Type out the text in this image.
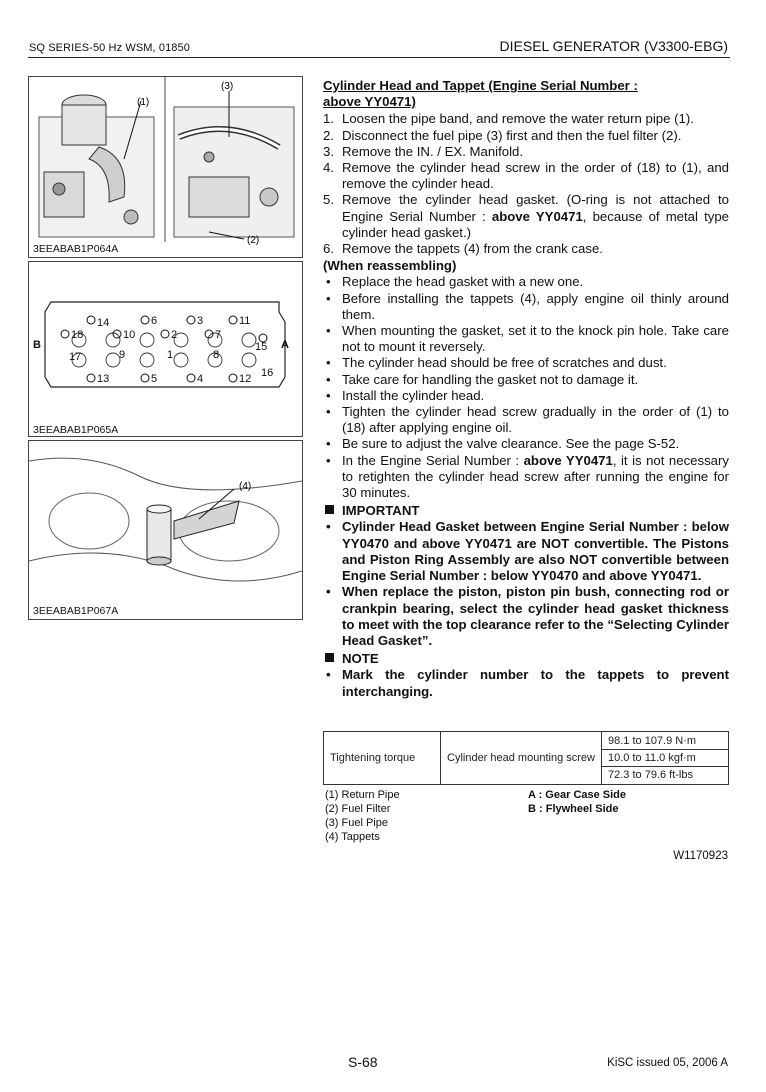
SQ SERIES-50 Hz WSM, 01850	DIESEL GENERATOR (V3300-EBG)
(1)
(3)
(2)
3EEABAB1P064A
B	A
14	6	3	11
18	10	2	7
15
17	9	1	8
16
13	5	4	12
3EEABAB1P065A
(4)
3EEABAB1P067A
Cylinder Head and Tappet (Engine Serial Number :
above YY0471)
1. Loosen the pipe band, and remove the water return pipe (1).
2. Disconnect the fuel pipe (3) first and then the fuel filter (2).
3. Remove the IN. / EX. Manifold.
4. Remove the cylinder head screw in the order of (18) to (1), and remove the cylinder head.
5. Remove the cylinder head gasket. (O-ring is not attached to Engine Serial Number : above YY0471, because of metal type cylinder head gasket.)
6. Remove the tappets (4) from the crank case.
(When reassembling)
• Replace the head gasket with a new one.
• Before installing the tappets (4), apply engine oil thinly around them.
• When mounting the gasket, set it to the knock pin hole. Take care not to mount it reversely.
• The cylinder head should be free of scratches and dust.
• Take care for handling the gasket not to damage it.
• Install the cylinder head.
• Tighten the cylinder head screw gradually in the order of (1) to (18) after applying engine oil.
• Be sure to adjust the valve clearance. See the page S-52.
• In the Engine Serial Number : above YY0471, it is not necessary to retighten the cylinder head screw after running the engine for 30 minutes.
IMPORTANT
• Cylinder Head Gasket between Engine Serial Number : below YY0470 and above YY0471 are NOT convertible. The Pistons and Piston Ring Assembly are also NOT convertible between Engine Serial Number : below YY0470 and above YY0471.
• When replace the piston, piston pin bush, connecting rod or crankpin bearing, select the cylinder head gasket thickness to meet with the top clearance refer to the “Selecting Cylinder Head Gasket”.
NOTE
• Mark the cylinder number to the tappets to prevent interchanging.
Tightening torque	Cylinder head mounting screw	
98.1 to 107.9 N·m
10.0 to 11.0 kgf·m
72.3 to 79.6 ft-lbs
(1) Return Pipe
(2) Fuel Filter
(3) Fuel Pipe
(4) Tappets
A : Gear Case Side
B : Flywheel Side
W1170923
S-68	KiSC issued 05, 2006 A
